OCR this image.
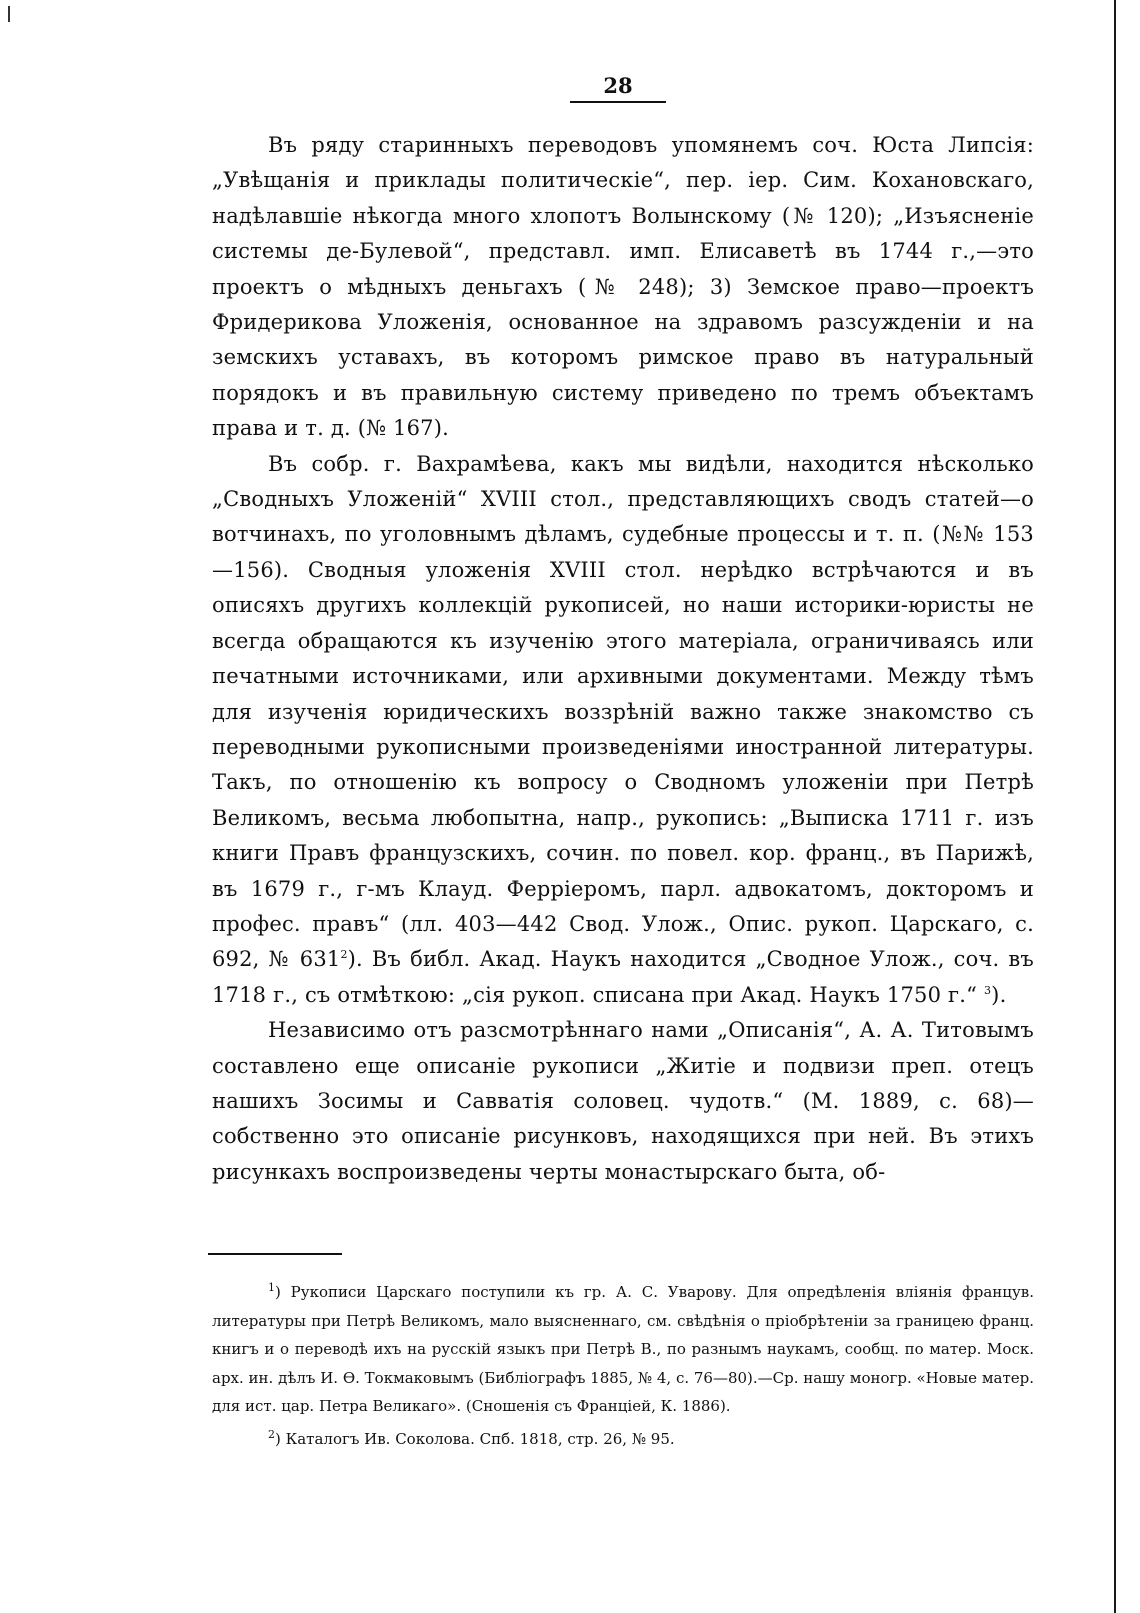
28

Въ ряду старинныхъ переводовъ упомянемъ соч. Юста Липсія: „Увѣщанія и приклады политическіе“, пер. іер. Сим. Кохановскаго, надѣлавшіе нѣкогда много хлопотъ Волынскому (№ 120); „Изъясненіе системы де-Булевой“, представл. имп. Елисаветѣ въ 1744 г.,—это проектъ о мѣдныхъ деньгахъ (№ 248); 3) Земское право—проектъ Фридерикова Уложенія, основанное на здравомъ разсужденіи и на земскихъ уставахъ, въ которомъ римское право въ натуральный порядокъ и въ правильную систему приведено по тремъ объектамъ права и т. д. (№ 167).

Въ собр. г. Вахрамѣева, какъ мы видѣли, находится нѣсколько „Сводныхъ Уложеній“ XVIII стол., представляющихъ сводъ статей—о вотчинахъ, по уголовнымъ дѣламъ, судебные процессы и т. п. (№№ 153—156). Сводныя уложенія XVIII стол. нерѣдко встрѣчаются и въ описяхъ другихъ коллекцій рукописей, но наши историки-юристы не всегда обращаются къ изученію этого матеріала, ограничиваясь или печатными источниками, или архивными документами. Между тѣмъ для изученія юридическихъ воззрѣній важно также знакомство съ переводными рукописными произведеніями иностранной литературы. Такъ, по отношенію къ вопросу о Сводномъ уложеніи при Петрѣ Великомъ, весьма любопытна, напр., рукопись: „Выписка 1711 г. изъ книги Правъ французскихъ, сочин. по повел. кор. франц., въ Парижѣ, въ 1679 г., г-мъ Клауд. Ферріеромъ, парл. адвокатомъ, докторомъ и профес. правъ“ (лл. 403—442 Свод. Улож., Опис. рукоп. Царскаго, с. 692, № 631$^2$). Въ библ. Акад. Наукъ находится „Сводное Улож., соч. въ 1718 г., съ отмѣткою: „сія рукоп. списана при Акад. Наукъ 1750 г.“ $^3$).

Независимо отъ разсмотрѣннаго нами „Описанія“, А. А. Титовымъ составлено еще описаніе рукописи „Житіе и подвизи преп. отецъ нашихъ Зосимы и Савватія соловец. чудотв.“ (М. 1889, с. 68)—собственно это описаніе рисунковъ, находящихся при ней. Въ этихъ рисункахъ воспроизведены черты монастырскаго быта, об-

$^1$) Рукописи Царскаго поступили къ гр. А. С. Уварову. Для опредѣленія вліянія францув. литературы при Петрѣ Великомъ, мало выясненнаго, см. свѣдѣнія о пріобрѣтеніи за границею франц. книгъ и о переводѣ ихъ на русскій языкъ при Петрѣ В., по разнымъ наукамъ, сообщ. по матер. Моск. арх. ин. дѣлъ И. Ѳ. Токмаковымъ (Библіографъ 1885, № 4, с. 76—80).—Ср. нашу моногр. «Новые матер. для ист. цар. Петра Великаго». (Сношенія съ Франціей, К. 1886).

$^2$) Каталогъ Ив. Соколова. Спб. 1818, стр. 26, № 95.
